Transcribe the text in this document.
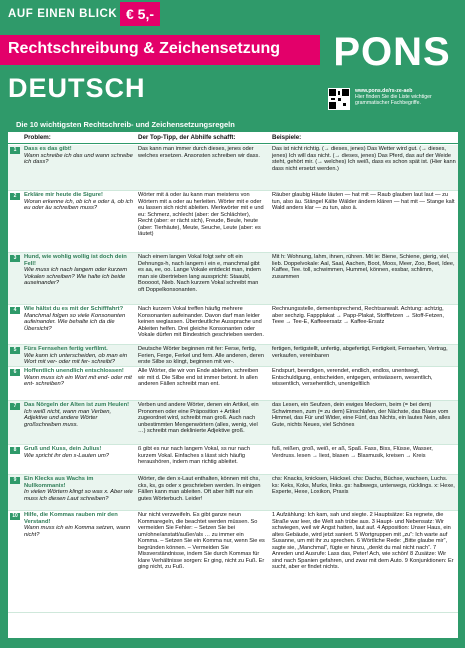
AUF EINEN BLICK € 5,-
Rechtschreibung & Zeichensetzung
DEUTSCH
PONS
www.pons.de/rs-ze-aeb
Hier finden Sie die Liste wichtiger grammatischer Fachbegriffe.
Die 10 wichtigsten Rechtschreib- und Zeichensetzungsregeln
Problem:	Der Top-Tipp, der Abhilfe schafft:	Beispiele:
1	Dass es das gibt!
Wann schreibe ich das und wann schreibe ich dass?
Das kann man immer durch dieses, jenes oder welches ersetzen. Ansonsten schreiben wir dass.
Das ist nicht richtig. (→ dieses, jenes) Das Wetter wird gut. (→ dieses, jenes) Ich will das nicht. (→ dieses, jenes) Das Pferd, das auf der Weide steht, gehört mir. (→ welches) Ich weiß, dass es schon spät ist. (Hier kann dass nicht ersetzt werden.)
2	Erkläre mir heute die Sigure!
Woran erkenne ich, ob ich e oder ä, ob ich eu oder äu schreiben muss?
Wörter mit ä oder äu kann man meistens von Wörtern mit a oder au herleiten. Wörter mit e oder eu lassen sich nicht ableiten. Merkwörter mit e und eu: Schmerz, schlecht (aber: der Schlächter), Recht (aber: er rächt sich), Freude, Beule, heute (aber: Tierhäute), Meute, Seuche, Leute (aber: es läutet)
Räuber glaubig Häute läuten — hat mit — Raub glauben laut laut — zu tun, also äu. Stängel Kälte Wälder ändern klären — hat mit — Stange kalt Wald anders klar — zu tun, also ä.
3	Hund, wie wohlig wollig ist doch dein Fell!
Wie muss ich nach langem oder kurzem Vokalen schreiben? Wie halte ich beide auseinander?
Nach einem langen Vokal folgt sehr oft ein Dehnungs-h, nach langem i ein e, manchmal gibt es aa, ee, oo. Lange Vokale entdeckt man, indem man sie übertrieben lang ausspricht: Staaubl, Booooot, Nieb. Nach kurzem Vokal schreibt man oft Doppelkonsonanten.
Mit h: Wohnung, lahm, ihnen, rühren. Mit ie: Biene, Schiene, gierig, viel, lieb. Doppelvokale: Aal, Saal, Aachen, Boot, Moos, Meer, Zoo, Beet, Idee, Kaffee, Tee. toll, schwimmen, Hummel, können, essbar, schlimm, zusammen
4	Wie hältst du es mit der Schifffahrt?
Manchmal folgen so viele Konsonanten aufeinander. Wie behalte ich da die Übersicht?
Nach kurzem Vokal treffen häufig mehrere Konsonanten aufeinander. Davon darf man leider keinen weglassen. Überdeutliche Aussprache und Ableiten helfen. Drei gleiche Konsonanten oder Vokale dürfen mit Bindestrich geschrieben werden.
Rechnungsstelle, dementsprechend, Rechtsanwalt. Achtung: achtzig, aber sechzig. Fappplakat → Papp-Plakat, Stofffetzen → Stoff-Fetzen, Teee → Tee-E, Kaffeeersatz → Kaffee-Ersatz
5	Fürs Fernsehen fertig verfilmt.
Wie kann ich unterscheiden, ob man ein Wort mit ver- oder mit fer- schreibt?
Deutsche Wörter beginnen mit fer: Ferse, fertig, Ferien, Ferge, Ferkel und fern. Alle anderen, deren erste Silbe so klingt, beginnen mit ver-.
fertigen, fertigstellt, unfertig, abgefertigt, Fertigkeit, Fernsehen, Vertrag, verkaufen, vereinbaren
6	Hoffentlich unendlich entschlossen!
Wann muss ich ein Wort mit end- oder mit ent- schreiben?
Alle Wörter, die wir von Ende ableiten, schreiben wir mit d. Die Silbe end ist immer betont. In allen anderen Fällen schreibt man ent.
Endspurt, beendigen, verendet, endlich, endlos, unentwegt, Entschuldigung, entscheiden, entgegen, entwässern, wesentlich, wissentlich, versehentlich, unentgeltlich
7	Das Nörgeln der Alten ist zum Heulen!
Ich weiß nicht, wann man Verben, Adjektive und andere Wörter großschreiben muss.
Verben und andere Wörter, denen ein Artikel, ein Pronomen oder eine Präposition + Artikel zugeordnet wird, schreibt man groß. Auch nach unbestimmten Mengenwörtern (alles, wenig, viel …) schreibt man deklinierte Adjektive groß.
das Lesen, ein Seufzen, dein ewiges Meckern, beim (= bei dem) Schwimmen, zum (= zu dem) Einschlafen, der Nächste, das Blaue vom Himmel, das Für und Wider, eine Fünf, das Nichts, ein lautes Nein, alles Gute, nichts Neues, viel Schönes
8	Gruß und Kuss, dein Julius!
Wie spricht ihr den s-Lauten um?
ß gibt es nur nach langem Vokal, ss nur nach kurzem Vokal. Einfaches s lässt sich häufig heraushören, indem man richtig ableitet.
fuß, reißen, groß, weiß, er aß, Spaß. Fass, Biss, Flüsse, Wasser, Verdruss. lesen → liest, blasen → Blasmusik, kreisen → Kreis
9	Ein Klecks aus Wachs im Nullkommanix!
In vielen Wörtern klingt so was x. Aber wie muss ich diesen Laut schreiben?
Wörter, die den x-Laut enthalten, können mit chs, cks, ks, gs oder x geschrieben werden. In einigen Fällen kann man ableiten. Oft aber hilft nur ein gutes Wörterbuch. Leider!
chs: Knacks, knicksen, Häcksel. chs: Dachs, Büchse, wachsen, Luchs. ks: Keks, Koks, Murks, links. gs: halbwegs, unterwegs, rücklings. x: Hexe, Experte, Hexe, Loxikon, Praxis
10	Hilfe, die Kommas rauben mir den Verstand!
Wann muss ich ein Komma setzen, wann nicht?
Nur nicht verzweifeln. Es gibt ganze neun Kommaregeln, die beachtet werden müssen. So vermeiden Sie Fehler: – Setzen Sie bei um/ohne/anstatt/außer/als … zu immer ein Komma. – Setzen Sie ein Komma nur, wenn Sie es begründen können. – Vermeiden Sie Missverständnisse, indem Sie durch Kommas für klare Verhältnisse sorgen: Er ging, nicht zu Fuß. Er ging nicht, zu Fuß.
1 Aufzählung: Ich kam, sah und siegte. 2 Hauptsätze: Es regnete, die Straße war leer, die Welt sah trübe aus. 3 Haupt- und Nebensatz: Wir schwiegen, weil wir Angst hatten, laut auf. 4 Apposition: Unser Haus, ein altes Gebäude, wird jetzt saniert. 5 Wortgruppen mit „zu“: Ich warte auf Susanne, um mit ihr zu sprechen. 6 Wörtliche Rede: „Bitte glaube mir“, sagte sie, „Manchmal“, fügte er hinzu, „denkt du mal nicht nach“. 7 Anreden und Ausrufe: Lass das, Peter! Ach, wie schön! 8 Zusätze: Wir sind nach Spanien gefahren, und zwar mit dem Auto. 9 Konjunktionen: Er sucht, aber er findet nichts.
